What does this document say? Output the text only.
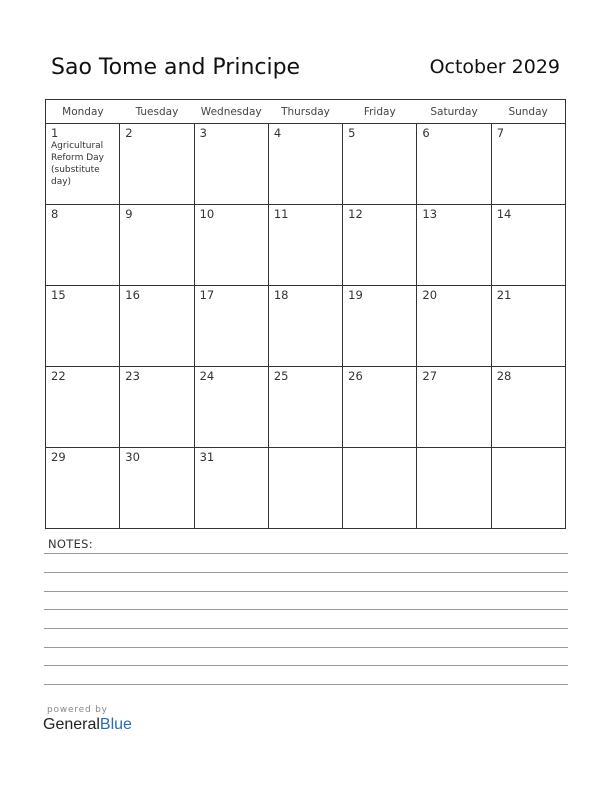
Sao Tome and Principe	October 2029
Monday	Tuesday	Wednesday	Thursday	Friday	Saturday	Sunday

1
Agricultural
Reform Day
(substitute
day)	2	3	4	5	6	7

8	9	10	11	12	13	14

15	16	17	18	19	20	21

22	23	24	25	26	27	28

29	30	31				

NOTES:
powered by
GeneralBlue
